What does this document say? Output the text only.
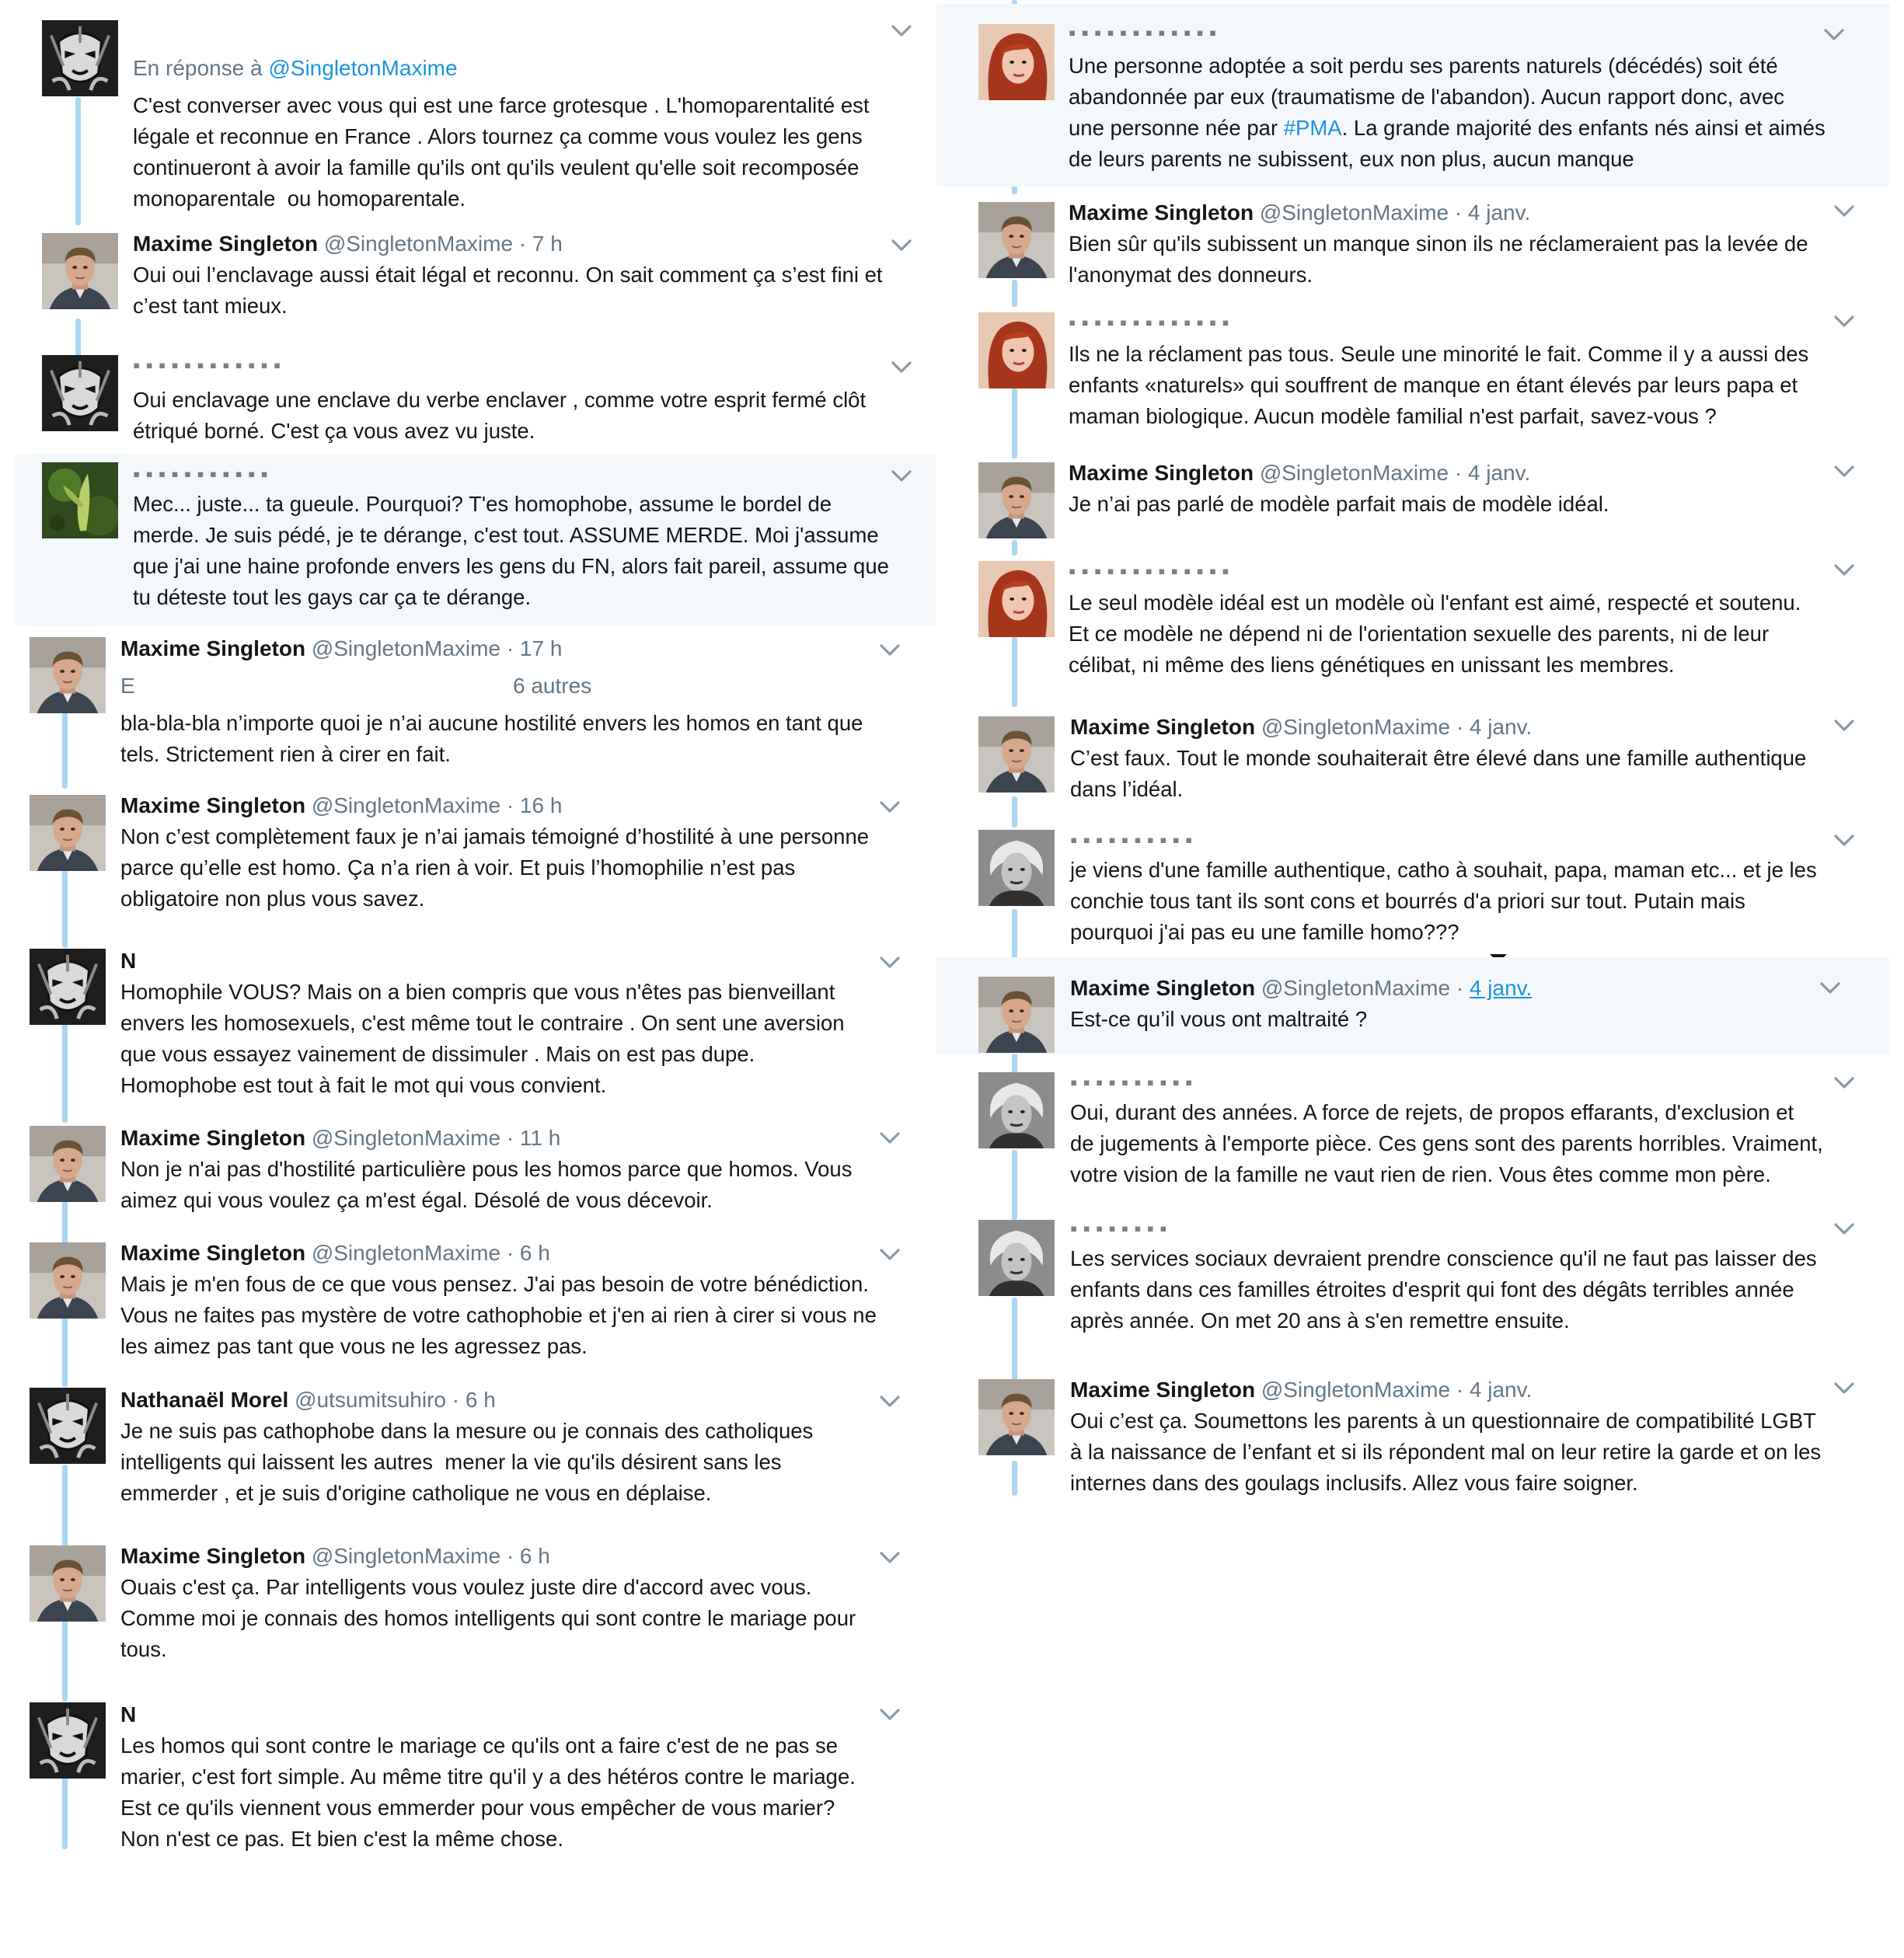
En réponse à @SingletonMaxime
C'est converser avec vous qui est une farce grotesque . L'homoparentalité est
légale et reconnue en France . Alors tournez ça comme vous voulez les gens
continueront à avoir la famille qu'ils ont qu'ils veulent qu'elle soit recomposée
monoparentale  ou homoparentale.
Maxime Singleton @SingletonMaxime · 7 h
Oui oui l’enclavage aussi était légal et reconnu. On sait comment ça s’est fini et
c’est tant mieux.
▪ ▪ ▪ ▪ ▪ ▪ ▪ ▪ ▪ ▪ ▪ ▪
Oui enclavage une enclave du verbe enclaver , comme votre esprit fermé clôt
étriqué borné. C'est ça vous avez vu juste.
▪ ▪ ▪ ▪ ▪ ▪ ▪ ▪ ▪ ▪ ▪
Mec... juste... ta gueule. Pourquoi? T'es homophobe, assume le bordel de
merde. Je suis pédé, je te dérange, c'est tout. ASSUME MERDE. Moi j'assume
que j'ai une haine profonde envers les gens du FN, alors fait pareil, assume que
tu déteste tout les gays car ça te dérange.
Maxime Singleton @SingletonMaxime · 17 h
E	6 autres
bla-bla-bla n’importe quoi je n’ai aucune hostilité envers les homos en tant que
tels. Strictement rien à cirer en fait.
Maxime Singleton @SingletonMaxime · 16 h
Non c’est complètement faux je n’ai jamais témoigné d’hostilité à une personne
parce qu’elle est homo. Ça n’a rien à voir. Et puis l’homophilie n’est pas
obligatoire non plus vous savez.
N
Homophile VOUS? Mais on a bien compris que vous n'êtes pas bienveillant
envers les homosexuels, c'est même tout le contraire . On sent une aversion
que vous essayez vainement de dissimuler . Mais on est pas dupe.
Homophobe est tout à fait le mot qui vous convient.
Maxime Singleton @SingletonMaxime · 11 h
Non je n'ai pas d'hostilité particulière pous les homos parce que homos. Vous
aimez qui vous voulez ça m'est égal. Désolé de vous décevoir.
Maxime Singleton @SingletonMaxime · 6 h
Mais je m'en fous de ce que vous pensez. J'ai pas besoin de votre bénédiction.
Vous ne faites pas mystère de votre cathophobie et j'en ai rien à cirer si vous ne
les aimez pas tant que vous ne les agressez pas.
Nathanaël Morel @utsumitsuhiro · 6 h
Je ne suis pas cathophobe dans la mesure ou je connais des catholiques
intelligents qui laissent les autres  mener la vie qu'ils désirent sans les
emmerder , et je suis d'origine catholique ne vous en déplaise.
Maxime Singleton @SingletonMaxime · 6 h
Ouais c'est ça. Par intelligents vous voulez juste dire d'accord avec vous.
Comme moi je connais des homos intelligents qui sont contre le mariage pour
tous.
N
Les homos qui sont contre le mariage ce qu'ils ont a faire c'est de ne pas se
marier, c'est fort simple. Au même titre qu'il y a des hétéros contre le mariage.
Est ce qu'ils viennent vous emmerder pour vous empêcher de vous marier?
Non n'est ce pas. Et bien c'est la même chose.
▪ ▪ ▪ ▪ ▪ ▪ ▪ ▪ ▪ ▪ ▪ ▪
Une personne adoptée a soit perdu ses parents naturels (décédés) soit été
abandonnée par eux (traumatisme de l'abandon). Aucun rapport donc, avec
une personne née par #PMA. La grande majorité des enfants nés ainsi et aimés
de leurs parents ne subissent, eux non plus, aucun manque
Maxime Singleton @SingletonMaxime · 4 janv.
Bien sûr qu'ils subissent un manque sinon ils ne réclameraient pas la levée de
l'anonymat des donneurs.
▪ ▪ ▪ ▪ ▪ ▪ ▪ ▪ ▪ ▪ ▪ ▪ ▪
Ils ne la réclament pas tous. Seule une minorité le fait. Comme il y a aussi des
enfants «naturels» qui souffrent de manque en étant élevés par leurs papa et
maman biologique. Aucun modèle familial n'est parfait, savez-vous ?
Maxime Singleton @SingletonMaxime · 4 janv.
Je n’ai pas parlé de modèle parfait mais de modèle idéal.
▪ ▪ ▪ ▪ ▪ ▪ ▪ ▪ ▪ ▪ ▪ ▪ ▪
Le seul modèle idéal est un modèle où l'enfant est aimé, respecté et soutenu.
Et ce modèle ne dépend ni de l'orientation sexuelle des parents, ni de leur
célibat, ni même des liens génétiques en unissant les membres.
Maxime Singleton @SingletonMaxime · 4 janv.
C’est faux. Tout le monde souhaiterait être élevé dans une famille authentique
dans l’idéal.
▪ ▪ ▪ ▪ ▪ ▪ ▪ ▪ ▪ ▪
je viens d'une famille authentique, catho à souhait, papa, maman etc... et je les
conchie tous tant ils sont cons et bourrés d'a priori sur tout. Putain mais
pourquoi j'ai pas eu une famille homo???
Maxime Singleton @SingletonMaxime · 4 janv.
Est-ce qu’il vous ont maltraité ?
▪ ▪ ▪ ▪ ▪ ▪ ▪ ▪ ▪ ▪
Oui, durant des années. A force de rejets, de propos effarants, d'exclusion et
de jugements à l'emporte pièce. Ces gens sont des parents horribles. Vraiment,
votre vision de la famille ne vaut rien de rien. Vous êtes comme mon père.
▪ ▪ ▪ ▪ ▪ ▪ ▪ ▪
Les services sociaux devraient prendre conscience qu'il ne faut pas laisser des
enfants dans ces familles étroites d'esprit qui font des dégâts terribles année
après année. On met 20 ans à s'en remettre ensuite.
Maxime Singleton @SingletonMaxime · 4 janv.
Oui c’est ça. Soumettons les parents à un questionnaire de compatibilité LGBT
à la naissance de l’enfant et si ils répondent mal on leur retire la garde et on les
internes dans des goulags inclusifs. Allez vous faire soigner.
